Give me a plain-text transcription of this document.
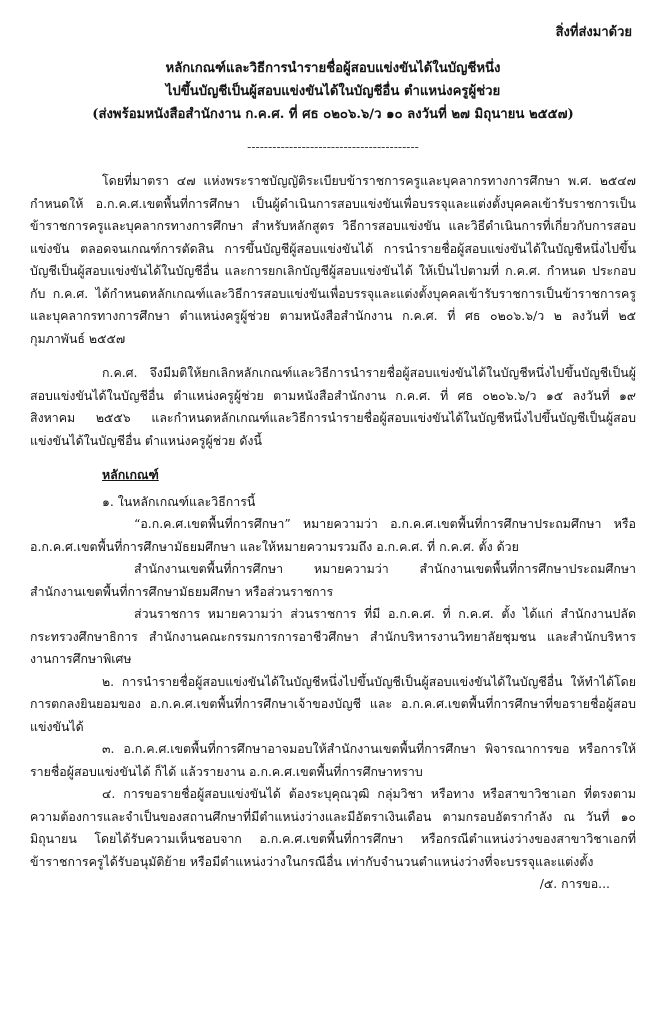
สิ่งที่ส่งมาด้วย
หลักเกณฑ์และวิธีการนำรายชื่อผู้สอบแข่งขันได้ในบัญชีหนึ่ง
ไปขึ้นบัญชีเป็นผู้สอบแข่งขันได้ในบัญชีอื่น ตำแหน่งครูผู้ช่วย
(ส่งพร้อมหนังสือสำนักงาน ก.ค.ศ. ที่ ศธ ๐๒๐๖.๖/ว ๑๐ ลงวันที่ ๒๗ มิถุนายน ๒๕๕๗)
-----------------------------------------

โดยที่มาตรา ๔๗ แห่งพระราชบัญญัติระเบียบข้าราชการครูและบุคลากรทางการศึกษา พ.ศ. ๒๕๔๗ กำหนดให้ อ.ก.ค.ศ.เขตพื้นที่การศึกษา เป็นผู้ดำเนินการสอบแข่งขันเพื่อบรรจุและแต่งตั้งบุคคลเข้ารับราชการเป็นข้าราชการครูและบุคลากรทางการศึกษา สำหรับหลักสูตร วิธีการสอบแข่งขัน และวิธีดำเนินการที่เกี่ยวกับการสอบแข่งขัน ตลอดจนเกณฑ์การตัดสิน การขึ้นบัญชีผู้สอบแข่งขันได้ การนำรายชื่อผู้สอบแข่งขันได้ในบัญชีหนึ่งไปขึ้นบัญชีเป็นผู้สอบแข่งขันได้ในบัญชีอื่น และการยกเลิกบัญชีผู้สอบแข่งขันได้ ให้เป็นไปตามที่ ก.ค.ศ. กำหนด ประกอบกับ ก.ค.ศ. ได้กำหนดหลักเกณฑ์และวิธีการสอบแข่งขันเพื่อบรรจุและแต่งตั้งบุคคลเข้ารับราชการเป็นข้าราชการครูและบุคลากรทางการศึกษา ตำแหน่งครูผู้ช่วย ตามหนังสือสำนักงาน ก.ค.ศ. ที่ ศธ ๐๒๐๖.๖/ว ๒ ลงวันที่ ๒๕ กุมภาพันธ์ ๒๕๕๗

ก.ค.ศ. จึงมีมติให้ยกเลิกหลักเกณฑ์และวิธีการนำรายชื่อผู้สอบแข่งขันได้ในบัญชีหนึ่งไปขึ้นบัญชีเป็นผู้สอบแข่งขันได้ในบัญชีอื่น ตำแหน่งครูผู้ช่วย ตามหนังสือสำนักงาน ก.ค.ศ. ที่ ศธ ๐๒๐๖.๖/ว ๑๕ ลงวันที่ ๑๙ สิงหาคม ๒๕๕๖ และกำหนดหลักเกณฑ์และวิธีการนำรายชื่อผู้สอบแข่งขันได้ในบัญชีหนึ่งไปขึ้นบัญชีเป็นผู้สอบแข่งขันได้ในบัญชีอื่น ตำแหน่งครูผู้ช่วย ดังนี้

หลักเกณฑ์

๑. ในหลักเกณฑ์และวิธีการนี้

“อ.ก.ค.ศ.เขตพื้นที่การศึกษา” หมายความว่า อ.ก.ค.ศ.เขตพื้นที่การศึกษาประถมศึกษา หรือ อ.ก.ค.ศ.เขตพื้นที่การศึกษามัธยมศึกษา และให้หมายความรวมถึง อ.ก.ค.ศ. ที่ ก.ค.ศ. ตั้ง ด้วย

สำนักงานเขตพื้นที่การศึกษา หมายความว่า สำนักงานเขตพื้นที่การศึกษาประถมศึกษา สำนักงานเขตพื้นที่การศึกษามัธยมศึกษา หรือส่วนราชการ

ส่วนราชการ หมายความว่า ส่วนราชการ ที่มี อ.ก.ค.ศ. ที่ ก.ค.ศ. ตั้ง ได้แก่ สำนักงานปลัดกระทรวงศึกษาธิการ สำนักงานคณะกรรมการการอาชีวศึกษา สำนักบริหารงานวิทยาลัยชุมชน และสำนักบริหารงานการศึกษาพิเศษ

๒. การนำรายชื่อผู้สอบแข่งขันได้ในบัญชีหนึ่งไปขึ้นบัญชีเป็นผู้สอบแข่งขันได้ในบัญชีอื่น ให้ทำได้โดยการตกลงยินยอมของ อ.ก.ค.ศ.เขตพื้นที่การศึกษาเจ้าของบัญชี และ อ.ก.ค.ศ.เขตพื้นที่การศึกษาที่ขอรายชื่อผู้สอบแข่งขันได้

๓. อ.ก.ค.ศ.เขตพื้นที่การศึกษาอาจมอบให้สำนักงานเขตพื้นที่การศึกษา พิจารณาการขอ หรือการให้รายชื่อผู้สอบแข่งขันได้ ก็ได้ แล้วรายงาน อ.ก.ค.ศ.เขตพื้นที่การศึกษาทราบ

๔. การขอรายชื่อผู้สอบแข่งขันได้ ต้องระบุคุณวุฒิ กลุ่มวิชา หรือทาง หรือสาขาวิชาเอก ที่ตรงตามความต้องการและจำเป็นของสถานศึกษาที่มีตำแหน่งว่างและมีอัตราเงินเดือน ตามกรอบอัตรากำลัง ณ วันที่ ๑๐ มิถุนายน โดยได้รับความเห็นชอบจาก อ.ก.ค.ศ.เขตพื้นที่การศึกษา หรือกรณีตำแหน่งว่างของสาขาวิชาเอกที่ข้าราชการครูได้รับอนุมัติย้าย หรือมีตำแหน่งว่างในกรณีอื่น เท่ากับจำนวนตำแหน่งว่างที่จะบรรจุและแต่งตั้ง

/๕. การขอ...
